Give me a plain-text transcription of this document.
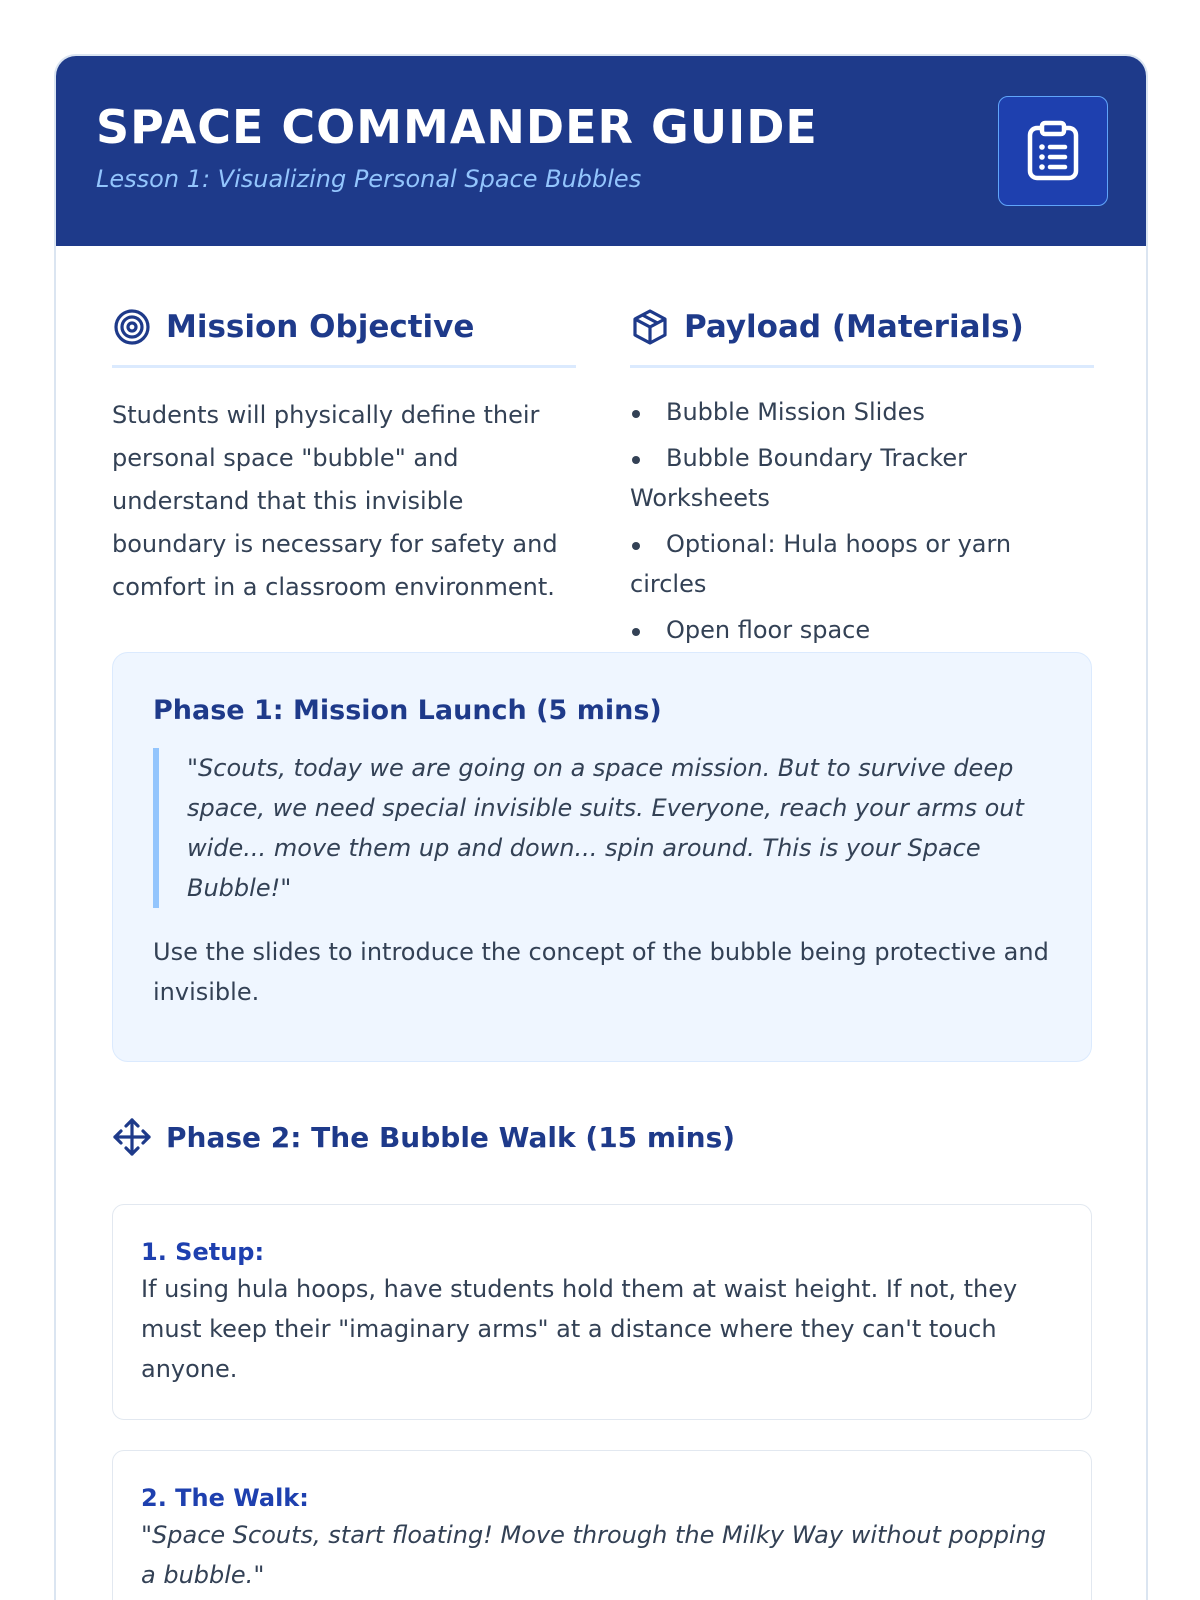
SPACE COMMANDER GUIDE
Lesson 1: Visualizing Personal Space Bubbles
Mission Objective

Students will physically define their personal space "bubble" and understand that this invisible boundary is necessary for safety and comfort in a classroom environment.

Payload (Materials)
Bubble Mission Slides
Bubble Boundary Tracker Worksheets
Optional: Hula hoops or yarn circles
Open floor space
Phase 1: Mission Launch (5 mins)
"Scouts, today we are going on a space mission. But to survive deep space, we need special invisible suits. Everyone, reach your arms out wide... move them up and down... spin around. This is your Space Bubble!"

Use the slides to introduce the concept of the bubble being protective and invisible.

Phase 2: The Bubble Walk (15 mins)
1. Setup:

If using hula hoops, have students hold them at waist height. If not, they must keep their "imaginary arms" at a distance where they can't touch anyone.

2. The Walk:

"Space Scouts, start floating! Move through the Milky Way without popping a bubble."
